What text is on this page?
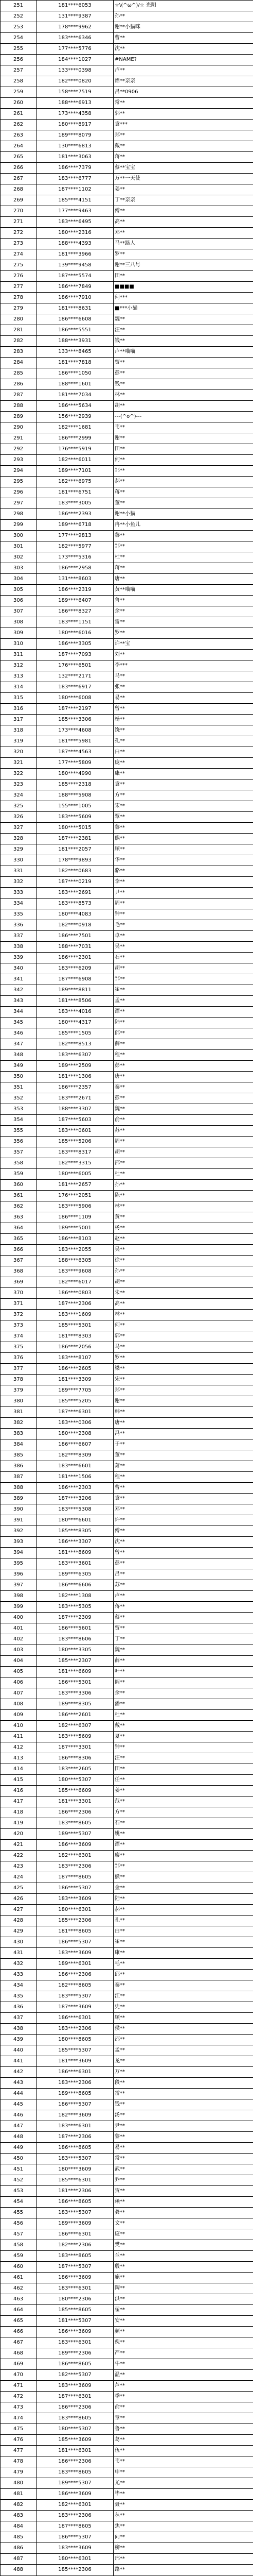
251	181****6053	☆\(^ω^)/☆ 光阴
252	131****9387	孙**
253	178****9962	谢**小猫咪
254	183****6346	曹**
255	177****5776	沈**
256	184****1027	#NAME?
257	133****0398	卢**
258	182****0820	谭**亲亲
259	158****7519	吕**0906
260	188****6913	常**
261	173****4358	郭**
262	180****8917	袁***
263	189****8079	郑**
264	130****6813	戴**
265	181****3063	蒋**
266	186****7379	蔡**宝宝
267	183****6777	万**一天使
268	187****1102	姜**
269	185****4151	丁**亲亲
270	177****9463	傅**
271	183****6495	高**
272	180****2316	邓**
273	188****4393	马**路人
274	181****3966	罗**
275	139****9458	谢**三八号
276	187****5574	田**
277	186****7849	■■■■
278	186****7910	何***
279	181****8631	■***小猫
280	186****6608	魏**
281	186****5551	汪**
282	188****3931	钱**
283	133****8465	卢**喵喵
284	181****7818	贾**
285	186****1050	彭**
286	188****1601	钱**
287	181****7034	林**
288	186****5634	胡**
289	156****2939	---(^o^)---
290	182****1681	韦**
291	186****2999	谢**
292	176****5919	田**
293	182****6011	何**
294	189****7101	邹**
295	182****6975	郝**
296	181****6751	蒋**
297	183****3005	董**
298	186****2393	谢**小猫
299	189****6718	冉**小鱼儿
300	177****9813	黎**
301	182****5977	邹**
302	173****5316	杜**
303	186****2958	蒋**
304	131****8603	唐**
305	186****2319	黄**喵喵
306	189****6407	鲁**
307	186****8327	余**
308	183****1151	雷**
309	180****6016	罗**
310	186****3305	许**宝
311	187****7093	刘**
312	176****6501	李***
313	132****2171	马**
314	183****6917	张**
315	180****6008	易**
316	187****2197	曾**
317	185****3306	杨**
318	173****4608	饶**
319	181****5981	孔**
320	187****4563	白**
321	177****5809	庞**
322	180****4990	康**
323	185****2318	袁**
324	188****5908	方**
325	155****1005	宋**
326	183****5609	覃**
327	180****5015	黎**
328	187****2381	熊**
329	181****2057	顾**
330	178****9893	华**
331	182****0683	骆**
332	187****0219	李**
333	183****2691	尹**
334	183****8573	周**
335	180****4083	钟**
336	182****0918	毛**
337	186****7501	卓**
338	188****7031	吴**
339	186****2301	石**
340	183****6209	胡**
341	187****6908	邹**
342	189****8811	崔**
343	181****8506	孟**
344	183****4016	谭**
345	180****4317	陆**
346	185****1505	邱**
347	182****8513	薛**
348	183****6307	程**
349	189****2509	彭**
350	181****1306	唐**
351	186****2357	秦**
352	183****2671	彭**
353	188****3307	魏**
354	187****5603	俞**
355	183****0601	苏**
356	185****5206	周**
357	183****8317	胡**
358	182****3315	邵**
359	180****6005	杜**
360	181****2657	孙**
361	176****2051	陈**
362	183****5906	林**
363	186****1109	黄**
364	189****5001	杨**
365	186****8103	赵**
366	183****2055	吴**
367	188****6305	徐**
368	183****9608	孙**
369	182****6017	胡**
370	186****0803	朱**
371	187****2306	高**
372	183****1609	林**
373	185****5301	何**
374	181****8303	郭**
375	186****2056	马**
376	183****8107	罗**
377	186****2605	梁**
378	181****3309	宋**
379	189****7705	郑**
380	185****5205	谢**
381	187****6301	韩**
382	183****0306	唐**
383	180****2308	冯**
384	186****6607	于**
385	182****8309	董**
386	183****6601	萧**
387	181****1506	程**
388	186****2303	曹**
389	187****3206	袁**
390	183****5308	邓**
391	180****6601	许**
392	185****8305	傅**
393	186****3307	沈**
394	181****8609	曾**
395	183****3601	彭**
396	189****6305	吕**
397	186****6606	苏**
398	182****1308	卢**
399	183****5305	蒋**
400	187****2309	蔡**
401	186****5601	贾**
402	183****8606	丁**
403	180****3305	魏**
404	185****2307	薛**
405	181****6609	叶**
406	186****5301	阎**
407	183****3306	余**
408	189****8305	潘**
409	186****2601	杜**
410	182****6307	戴**
411	183****5609	夏**
412	187****3301	钟**
413	186****8306	汪**
414	183****2605	田**
415	180****5307	任**
416	185****6609	姜**
417	181****3301	范**
418	186****2306	方**
419	183****8605	石**
420	189****5307	姚**
421	186****3609	谭**
422	182****6301	廖**
423	183****2306	邹**
424	187****8605	熊**
425	186****5307	金**
426	183****3609	陆**
427	180****6301	郝**
428	185****2306	孔**
429	181****8605	白**
430	186****5307	崔**
431	183****3609	康**
432	189****6301	毛**
433	186****2306	邱**
434	182****8605	秦**
435	183****5307	江**
436	187****3609	史**
437	186****6301	顾**
438	183****2306	侯**
439	180****8605	邵**
440	185****5307	孟**
441	181****3609	龙**
442	186****6301	万**
443	183****2306	段**
444	189****8605	雷**
445	186****5307	钱**
446	182****3609	汤**
447	183****6301	尹**
448	187****2306	黎**
449	186****8605	易**
450	183****5307	常**
451	180****3609	武**
452	185****6301	乔**
453	181****2306	贺**
454	186****8605	赖**
455	183****5307	龚**
456	189****3609	文**
457	186****6301	庞**
458	182****2306	樊**
459	183****8605	兰**
460	187****5307	殷**
461	186****3609	施**
462	183****6301	陶**
463	180****2306	洪**
464	185****8605	翟**
465	181****5307	安**
466	186****3609	颜**
467	183****6301	倪**
468	189****2306	严**
469	186****8605	牛**
470	182****5307	温**
471	183****3609	芦**
472	187****6301	季**
473	186****2306	俞**
474	183****8605	章**
475	180****5307	鲁**
476	185****3609	葛**
477	181****6301	伍**
478	186****2306	韦**
479	183****8605	申**
480	189****5307	尤**
481	186****3609	毕**
482	182****6301	聂**
483	183****2306	丛**
484	187****8605	焦**
485	186****5307	向**
486	183****3609	柳**
487	180****6301	邢**
488	185****2306	路**
